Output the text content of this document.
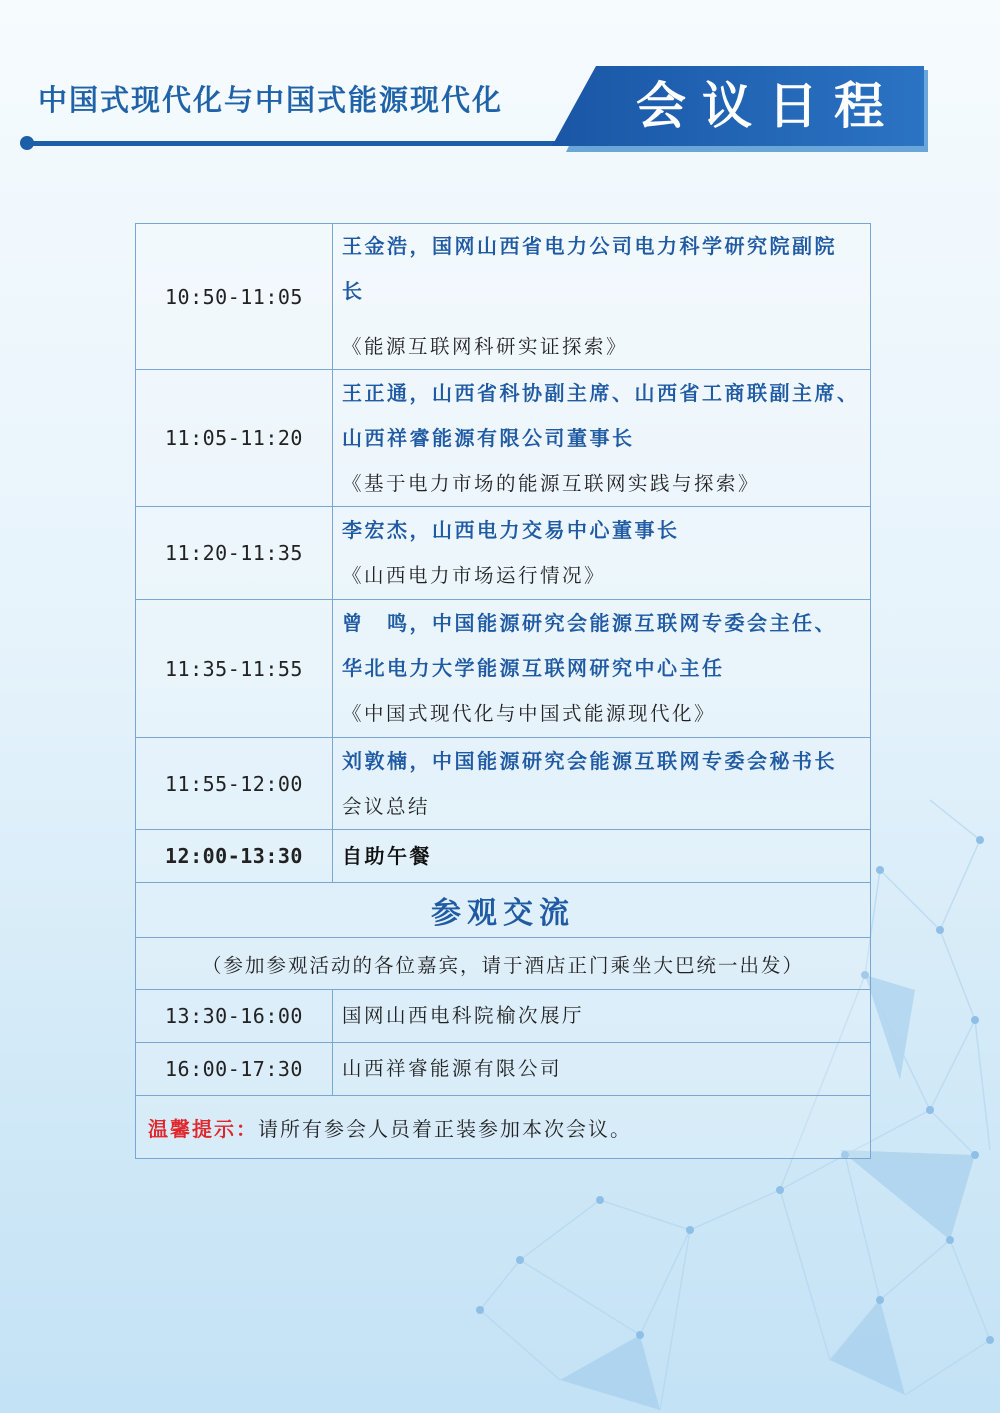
中国式现代化与中国式能源现代化	会议日程
10:50-11:05	王金浩，国网山西省电力公司电力科学研究院副院
长
《能源互联网科研实证探索》

11:05-11:20	王正通，山西省科协副主席、山西省工商联副主席、
山西祥睿能源有限公司董事长
《基于电力市场的能源互联网实践与探索》

11:20-11:35	李宏杰，山西电力交易中心董事长
《山西电力市场运行情况》

11:35-11:55	曾　鸣，中国能源研究会能源互联网专委会主任、
华北电力大学能源互联网研究中心主任
《中国式现代化与中国式能源现代化》

11:55-12:00	刘敦楠，中国能源研究会能源互联网专委会秘书长
会议总结

12:00-13:30	自助午餐

参观交流	
（参加参观活动的各位嘉宾，请于酒店正门乘坐大巴统一出发）	
13:30-16:00	国网山西电科院榆次展厅

16:00-17:30	山西祥睿能源有限公司

温馨提示：请所有参会人员着正装参加本次会议。	
